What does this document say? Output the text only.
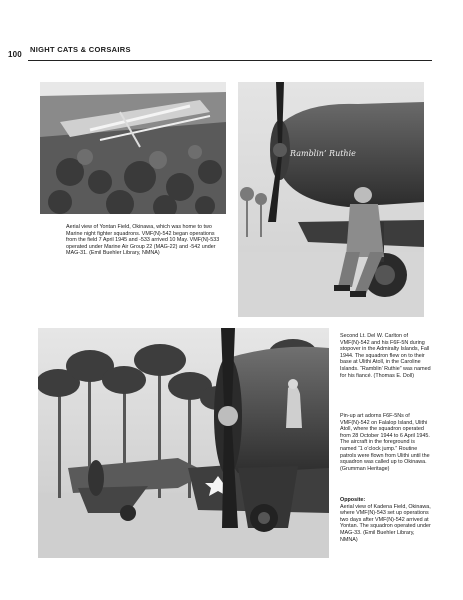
100
NIGHT CATS & CORSAIRS
Aerial view of Yontan Field, Okinawa, which was home to two Marine night fighter squadrons. VMF(N)-542 began operations from the field 7 April 1945 and -533 arrived 10 May. VMF(N)-533 operated under Marine Air Group 22 (MAG-22) and -542 under MAG-31. (Emil Buehler Library, NMNA)
Ramblin’ Ruthie
Second Lt. Del W. Carlton of VMF(N)-542 and his F6F-5N during stopover in the Admiralty Islands, Fall 1944. The squadron flew on to their base at Ulithi Atoll, in the Caroline Islands. “Ramblin’ Ruthie” was named for his fiancé. (Thomas E. Doll)
Pin-up art adorns F6F-5Ns of VMF(N)-542 on Falalop Island, Ulithi Atoll, where the squadron operated from 28 October 1944 to 6 April 1945. The aircraft in the foreground is named “1 o’clock jump.” Routine patrols were flown from Ulithi until the squadron was called up to Okinawa. (Grumman Heritage)
Opposite:
Aerial view of Kadena Field, Okinawa, where VMF(N)-543 set up operations two days after VMF(N)-542 arrived at Yontan. The squadron operated under MAG-33. (Emil Buehler Library, NMNA)
